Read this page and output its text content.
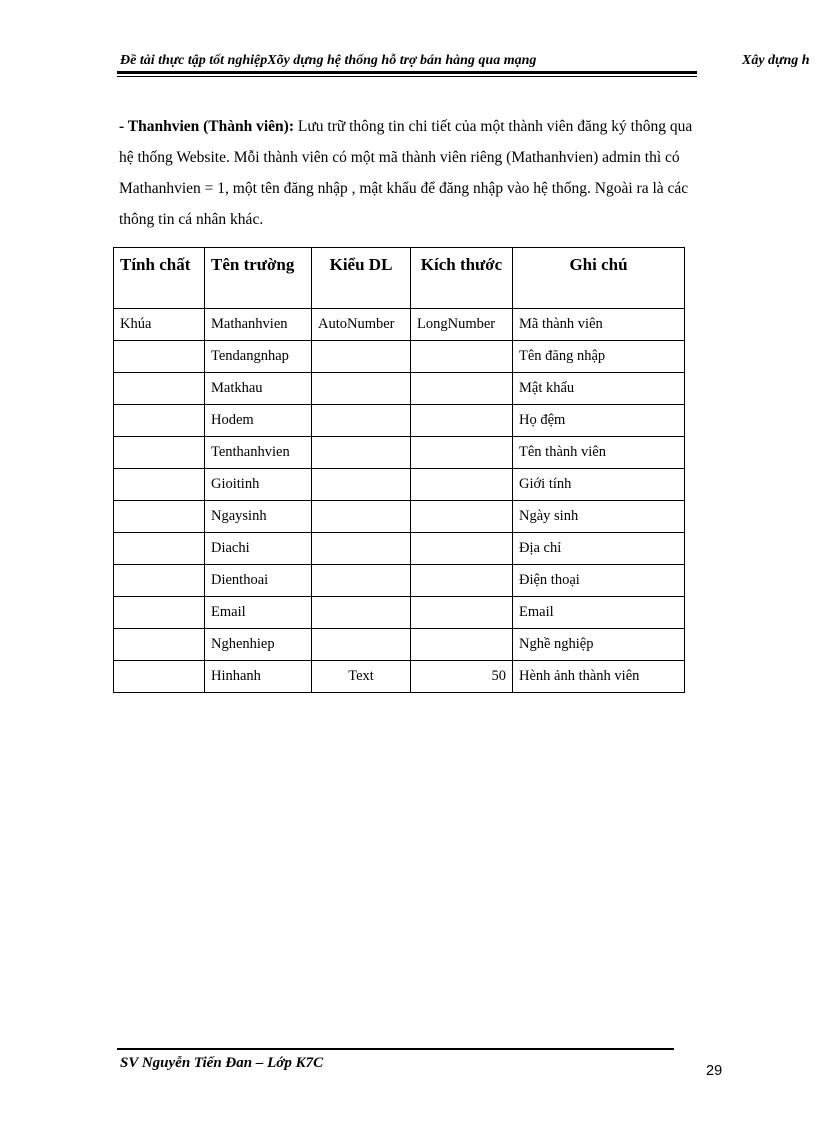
Đề tài thực tập tốt nghiệpXõy dựng hệ thống hỗ trợ bán hàng qua mạng	Xây dựng h
- Thanhvien (Thành viên): Lưu trữ thông tin chi tiết của một thành viên đăng ký thông qua hệ thống Website. Mỗi thành viên có một mã thành viên riêng (Mathanhvien) admin thì có Mathanhvien = 1, một tên đăng nhập , mật khẩu để đăng nhập vào hệ thống. Ngoài ra là các thông tin cá nhân khác.
Tính chất	Tên trường	Kiểu DL	Kích thước	Ghi chú
Khúa	Mathanhvien	AutoNumber	LongNumber	Mã thành viên
	Tendangnhap			Tên đăng nhập
	Matkhau			Mật khẩu
	Hodem			Họ đệm
	Tenthanhvien			Tên thành viên
	Gioitinh			Giới tính
	Ngaysinh			Ngày sinh
	Diachi			Địa chỉ
	Dienthoai			Điện thoại
	Email			Email
	Nghenhiep			Nghề nghiệp
	Hinhanh	Text	50	Hènh ảnh thành viên
SV Nguyễn Tiến Đan – Lớp K7C	29
